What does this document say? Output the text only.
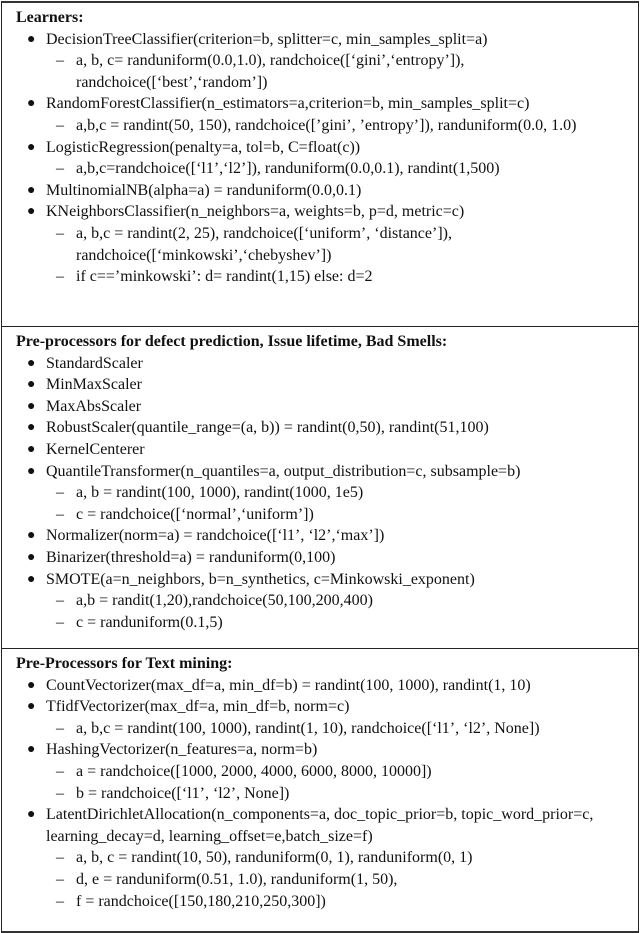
Learners:
● DecisionTreeClassifier(criterion=b, splitter=c, min_samples_split=a)
– a, b, c= randuniform(0.0,1.0), randchoice([‘gini’,‘entropy’]), randchoice([‘best’,‘random’])
● RandomForestClassifier(n_estimators=a,criterion=b, min_samples_split=c)
– a,b,c = randint(50, 150), randchoice([’gini’, ’entropy’]), randuniform(0.0, 1.0)
● LogisticRegression(penalty=a, tol=b, C=float(c))
– a,b,c=randchoice([‘l1’,‘l2’]), randuniform(0.0,0.1), randint(1,500)
● MultinomialNB(alpha=a) = randuniform(0.0,0.1)
● KNeighborsClassifier(n_neighbors=a, weights=b, p=d, metric=c)
– a, b,c = randint(2, 25), randchoice([‘uniform’, ‘distance’]), randchoice([‘minkowski’,‘chebyshev’])
– if c==’minkowski’: d= randint(1,15) else: d=2
Pre-processors for defect prediction, Issue lifetime, Bad Smells:
● StandardScaler
● MinMaxScaler
● MaxAbsScaler
● RobustScaler(quantile_range=(a, b)) = randint(0,50), randint(51,100)
● KernelCenterer
● QuantileTransformer(n_quantiles=a, output_distribution=c, subsample=b)
– a, b = randint(100, 1000), randint(1000, 1e5)
– c = randchoice([‘normal’,‘uniform’])
● Normalizer(norm=a) = randchoice([‘l1’, ‘l2’,‘max’])
● Binarizer(threshold=a) = randuniform(0,100)
● SMOTE(a=n_neighbors, b=n_synthetics, c=Minkowski_exponent)
– a,b = randit(1,20),randchoice(50,100,200,400)
– c = randuniform(0.1,5)
Pre-Processors for Text mining:
● CountVectorizer(max_df=a, min_df=b) = randint(100, 1000), randint(1, 10)
● TfidfVectorizer(max_df=a, min_df=b, norm=c)
– a, b,c = randint(100, 1000), randint(1, 10), randchoice([‘l1’, ‘l2’, None])
● HashingVectorizer(n_features=a, norm=b)
– a = randchoice([1000, 2000, 4000, 6000, 8000, 10000])
– b = randchoice([‘l1’, ‘l2’, None])
● LatentDirichletAllocation(n_components=a, doc_topic_prior=b, topic_word_prior=c, learning_decay=d, learning_offset=e,batch_size=f)
– a, b, c = randint(10, 50), randuniform(0, 1), randuniform(0, 1)
– d, e = randuniform(0.51, 1.0), randuniform(1, 50),
– f = randchoice([150,180,210,250,300])
